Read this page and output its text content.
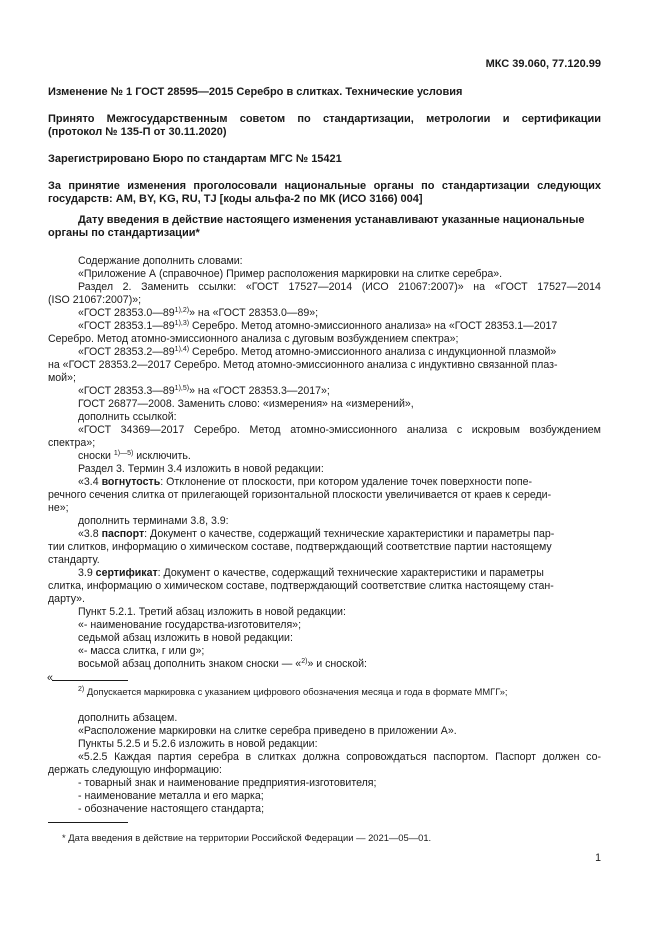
МКС 39.060, 77.120.99
Изменение № 1 ГОСТ 28595—2015 Серебро в слитках. Технические условия
Принято Межгосударственным советом по стандартизации, метрологии и сертификации
(протокол № 135-П от 30.11.2020)
Зарегистрировано Бюро по стандартам МГС № 15421
За принятие изменения проголосовали национальные органы по стандартизации следующих
государств: AM, BY, KG, RU, TJ [коды альфа-2 по МК (ИСО 3166) 004]
Дату введения в действие настоящего изменения устанавливают указанные национальные
органы по стандартизации*
Содержание дополнить словами:
«Приложение А (справочное) Пример расположения маркировки на слитке серебра».
Раздел 2. Заменить ссылки: «ГОСТ 17527—2014 (ИСО 21067:2007)» на «ГОСТ 17527—2014
(ISO 21067:2007)»;
«ГОСТ $28353.0—89^{1),2)}$» на «ГОСТ 28353.0—89»;
«ГОСТ $28353.1—89^{1),3)}$ Серебро. Метод атомно-эмиссионного анализа» на «ГОСТ 28353.1—2017
Серебро. Метод атомно-эмиссионного анализа с дуговым возбуждением спектра»;
«ГОСТ $28353.2—89^{1),4)}$ Серебро. Метод атомно-эмиссионного анализа с индукционной плазмой»
на «ГОСТ 28353.2—2017 Серебро. Метод атомно-эмиссионного анализа с индуктивно связанной плаз-
мой»;
«ГОСТ $28353.3—89^{1),5)}$» на «ГОСТ 28353.3—2017»;
ГОСТ 26877—2008. Заменить слово: «измерения» на «измерений»,
дополнить ссылкой:
«ГОСТ 34369—2017 Серебро. Метод атомно-эмиссионного анализа с искровым возбуждением
спектра»;
сноски $^{1)—5)}$ исключить.
Раздел 3. Термин 3.4 изложить в новой редакции:
«3.4 вогнутость: Отклонение от плоскости, при котором удаление точек поверхности попе-
речного сечения слитка от прилегающей горизонтальной плоскости увеличивается от краев к середи-
не»;
дополнить терминами 3.8, 3.9:
«3.8 паспорт: Документ о качестве, содержащий технические характеристики и параметры пар-
тии слитков, информацию о химическом составе, подтверждающий соответствие партии настоящему
стандарту.
3.9 сертификат: Документ о качестве, содержащий технические характеристики и параметры
слитка, информацию о химическом составе, подтверждающий соответствие слитка настоящему стан-
дарту».
Пункт 5.2.1. Третий абзац изложить в новой редакции:
«- наименование государства-изготовителя»;
седьмой абзац изложить в новой редакции:
«- масса слитка, г или g»;
восьмой абзац дополнить знаком сноски — «$^{2)}$» и сноской:
«
$^{2)}$ Допускается маркировка с указанием цифрового обозначения месяца и года в формате ММГГ»;
дополнить абзацем.
«Расположение маркировки на слитке серебра приведено в приложении А».
Пункты 5.2.5 и 5.2.6 изложить в новой редакции:
«5.2.5 Каждая партия серебра в слитках должна сопровождаться паспортом. Паспорт должен со-
держать следующую информацию:
- товарный знак и наименование предприятия-изготовителя;
- наименование металла и его марка;
- обозначение настоящего стандарта;
* Дата введения в действие на территории Российской Федерации — 2021—05—01.
1
